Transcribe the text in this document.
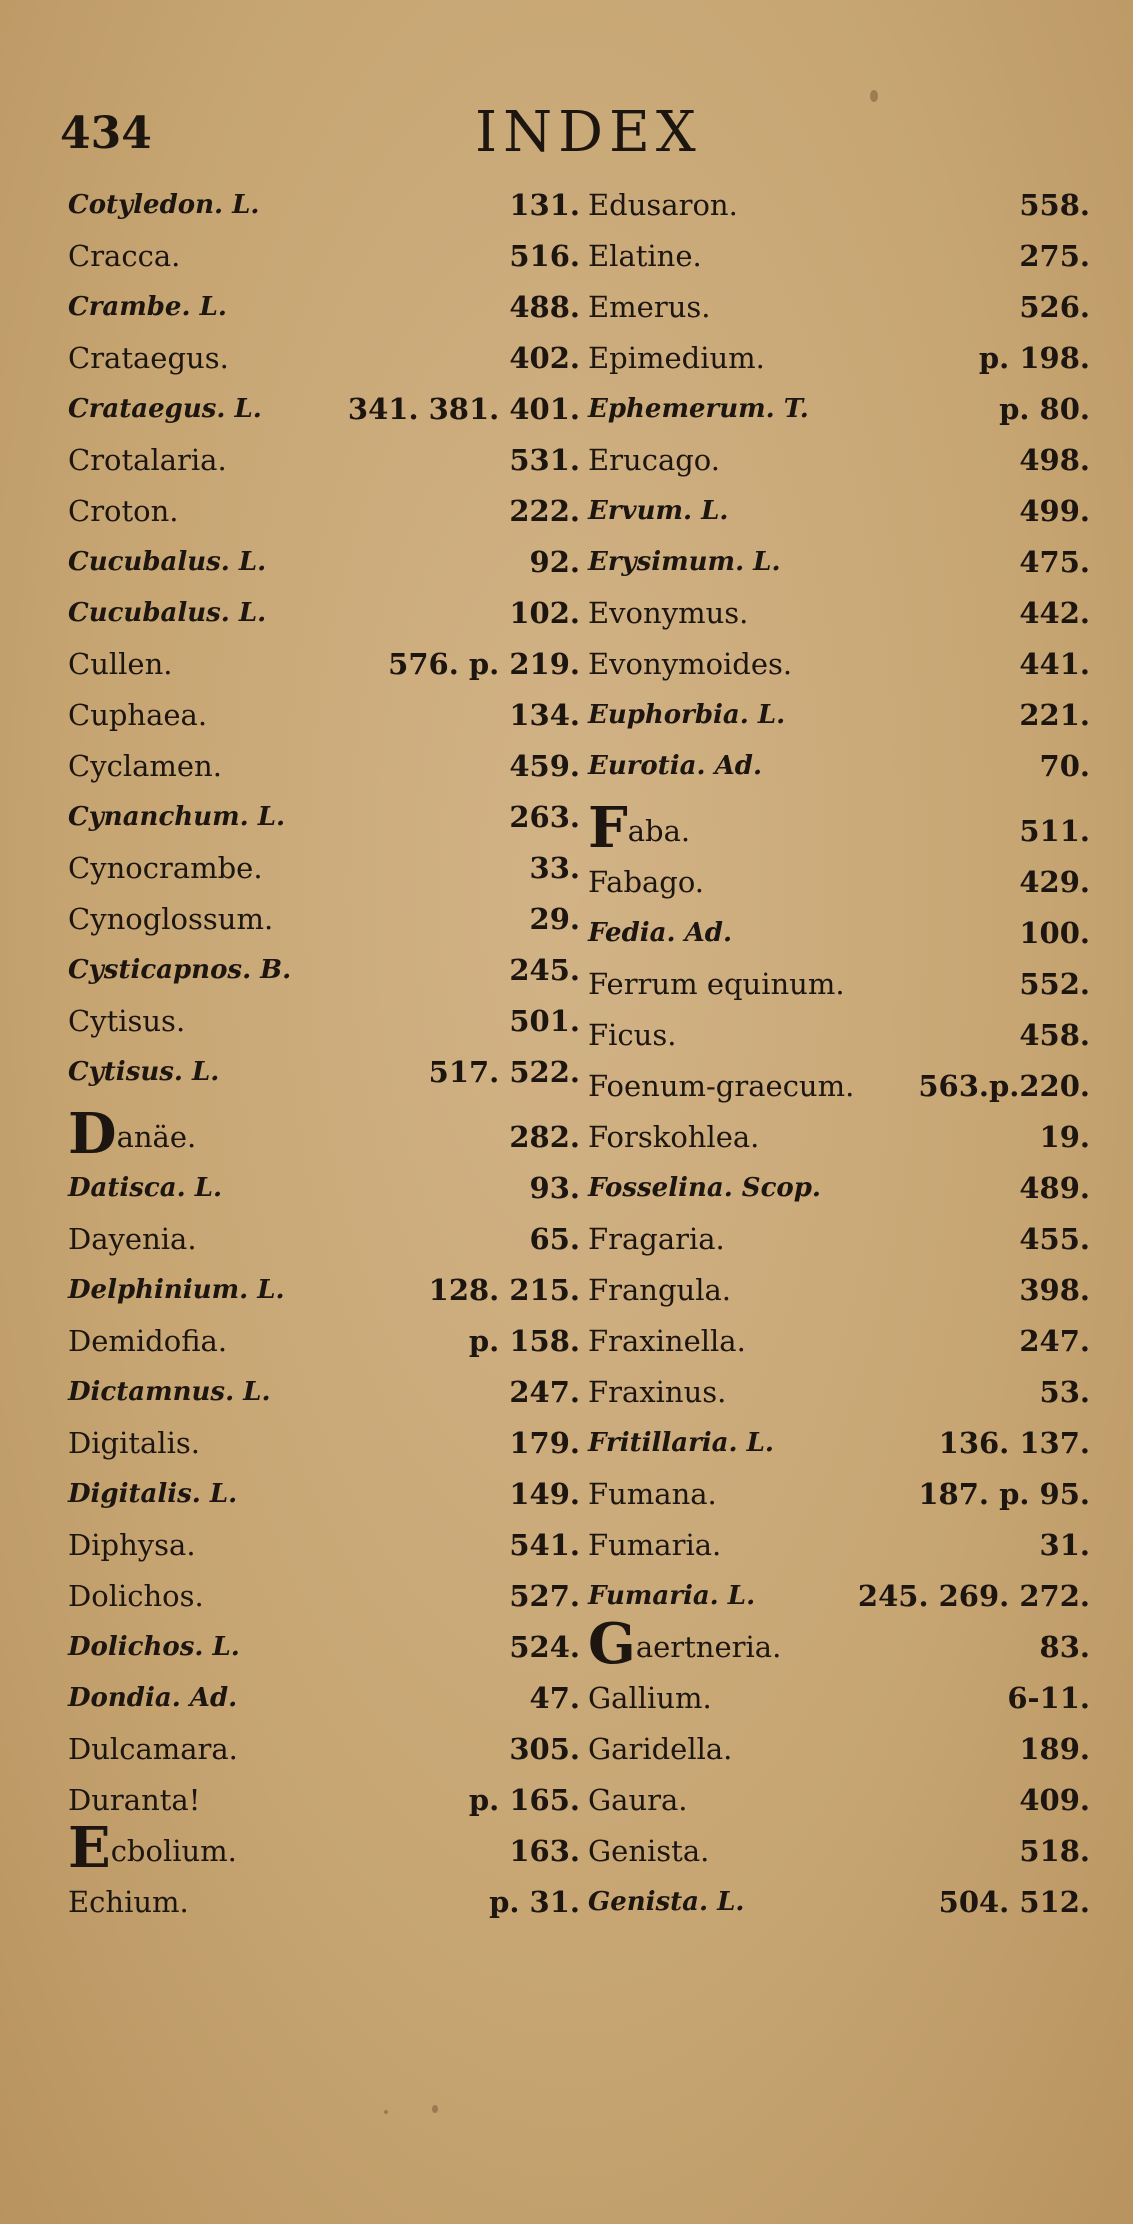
434	INDEX
Cotyledon. L.	131.
Cracca.	516.
Crambe. L.	488.
Crataegus.	402.
Crataegus. L.	341. 381. 401.
Crotalaria.	531.
Croton.	222.
Cucubalus. L.	92.
Cucubalus. L.	102.
Cullen.	576. p. 219.
Cuphaea.	134.
Cyclamen.	459.
Cynanchum. L.	263.
Cynocrambe.	33.
Cynoglossum.	29.
Cysticapnos. B.	245.
Cytisus.	501.
Cytisus. L.	517. 522.
Danäe.	282.
Datisca. L.	93.
Dayenia.	65.
Delphinium. L.	128. 215.
Demidofia.	p. 158.
Dictamnus. L.	247.
Digitalis.	179.
Digitalis. L.	149.
Diphysa.	541.
Dolichos.	527.
Dolichos. L.	524.
Dondia. Ad.	47.
Dulcamara.	305.
Duranta!	p. 165.
Ecbolium.	163.
Echium.	p. 31.
Edusaron.	558.
Elatine.	275.
Emerus.	526.
Epimedium.	p. 198.
Ephemerum. T.	p. 80.
Erucago.	498.
Ervum. L.	499.
Erysimum. L.	475.
Evonymus.	442.
Evonymoides.	441.
Euphorbia. L.	221.
Eurotia. Ad.	70.
Faba.	511.
Fabago.	429.
Fedia. Ad.	100.
Ferrum equinum.	552.
Ficus.	458.
Foenum-graecum. 563.p.220.
Forskohlea.	19.
Fosselina. Scop.	489.
Fragaria.	455.
Frangula.	398.
Fraxinella.	247.
Fraxinus.	53.
Fritillaria. L.	136. 137.
Fumana.	187. p. 95.
Fumaria.	31.
Fumaria. L.	245. 269. 272.
Gaertneria.	83.
Gallium.	6-11.
Garidella.	189.
Gaura.	409.
Genista.	518.
Genista. L.	504. 512.
